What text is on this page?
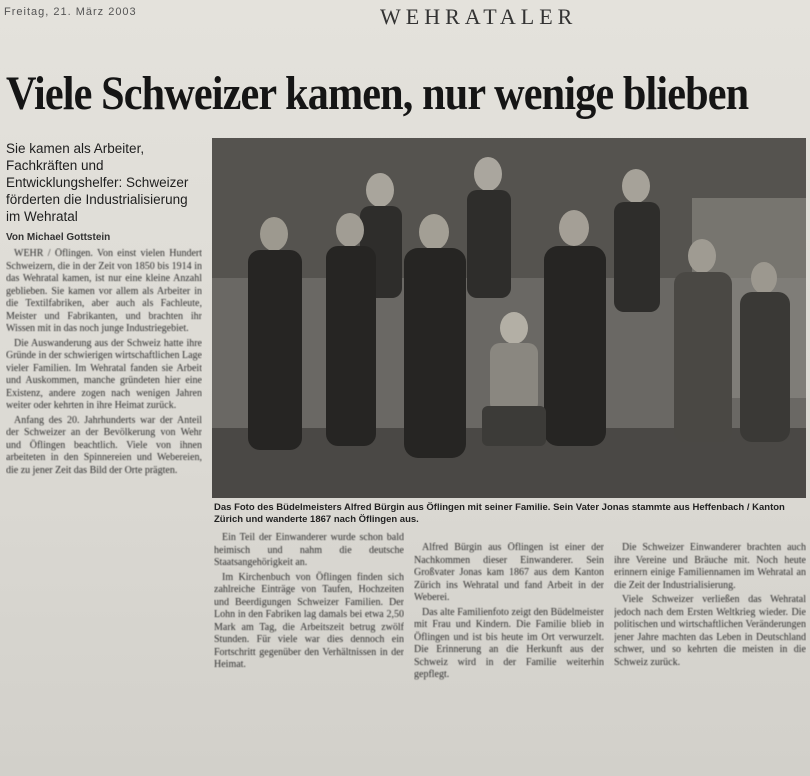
Freitag, 21. März 2003	WEHRATALER
Viele Schweizer kamen, nur wenige blieben
Sie kamen als Arbeiter, Fachkräften und Entwicklungshelfer: Schweizer förderten die Industrialisierung im Wehratal
Von Michael Gottstein
Das Foto des Büdelmeisters Alfred Bürgin aus Öflingen mit seiner Familie. Sein Vater Jonas stammte aus Heffenbach / Kanton Zürich und wanderte 1867 nach Öflingen aus.

WEHR / Öflingen. Von einst vielen Hundert Schweizern, die in der Zeit von 1850 bis 1914 in das Wehratal kamen, ist nur eine kleine Anzahl geblieben. Sie kamen vor allem als Arbeiter in die Textilfabriken, aber auch als Fachleute, Meister und Fabrikanten, und brachten ihr Wissen mit in das noch junge Industriegebiet.

Die Auswanderung aus der Schweiz hatte ihre Gründe in der schwierigen wirtschaftlichen Lage vieler Familien. Im Wehratal fanden sie Arbeit und Auskommen, manche gründeten hier eine Existenz, andere zogen nach wenigen Jahren weiter oder kehrten in ihre Heimat zurück.

Anfang des 20. Jahrhunderts war der Anteil der Schweizer an der Bevölkerung von Wehr und Öflingen beachtlich. Viele von ihnen arbeiteten in den Spinnereien und Webereien, die zu jener Zeit das Bild der Orte prägten.

Ein Teil der Einwanderer wurde schon bald heimisch und nahm die deutsche Staatsangehörigkeit an.

Im Kirchenbuch von Öflingen finden sich zahlreiche Einträge von Taufen, Hochzeiten und Beerdigungen Schweizer Familien. Der Lohn in den Fabriken lag damals bei etwa 2,50 Mark am Tag, die Arbeitszeit betrug zwölf Stunden. Für viele war dies dennoch ein Fortschritt gegenüber den Verhältnissen in der Heimat.

Alfred Bürgin aus Öflingen ist einer der Nachkommen dieser Einwanderer. Sein Großvater Jonas kam 1867 aus dem Kanton Zürich ins Wehratal und fand Arbeit in der Weberei.

Das alte Familienfoto zeigt den Büdelmeister mit Frau und Kindern. Die Familie blieb in Öflingen und ist bis heute im Ort verwurzelt. Die Erinnerung an die Herkunft aus der Schweiz wird in der Familie weiterhin gepflegt.

Die Schweizer Einwanderer brachten auch ihre Vereine und Bräuche mit. Noch heute erinnern einige Familiennamen im Wehratal an die Zeit der Industrialisierung.

Viele Schweizer verließen das Wehratal jedoch nach dem Ersten Weltkrieg wieder. Die politischen und wirtschaftlichen Veränderungen jener Jahre machten das Leben in Deutschland schwer, und so kehrten die meisten in die Schweiz zurück.
